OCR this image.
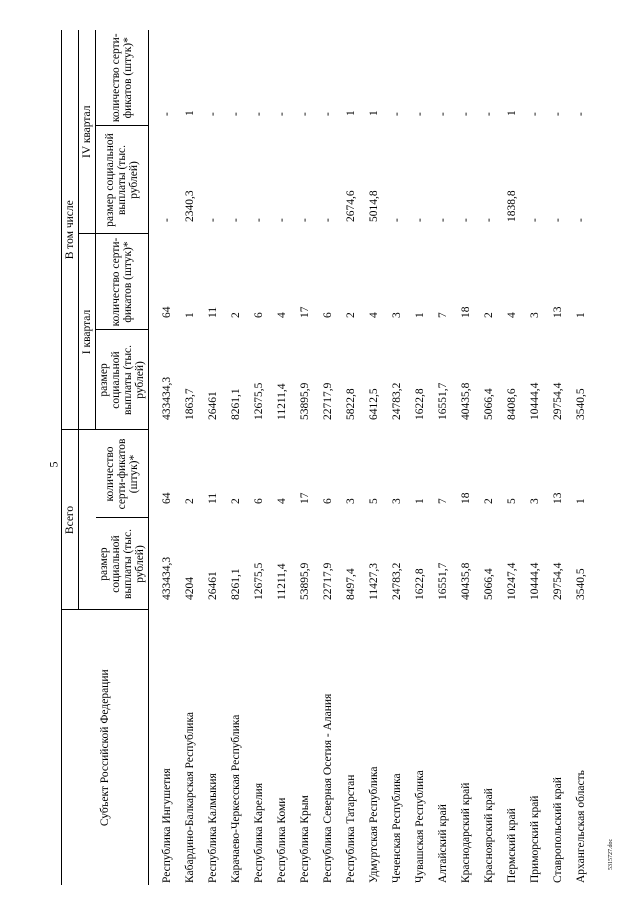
5
5315727.doc
Субъект Российской Федерации	Всего		В том числе			
			I квартал		IV квартал	
	размер социальной выплаты (тыс. рублей)	количество серти-фикатов (штук)*	размер социальной выплаты (тыс. рублей)	количество серти-фикатов (штук)*	размер социальной выплаты (тыс. рублей)	количество серти-фикатов (штук)*
Республика Ингушетия	433434,3	64	433434,3	64	-	-
Кабардино-Балкарская Республика	4204	2	1863,7	1	2340,3	1
Республика Калмыкия	26461	11	26461	11	-	-
Карачаево-Черкесская Республика	8261,1	2	8261,1	2	-	-
Республика Карелия	12675,5	6	12675,5	6	-	-
Республика Коми	11211,4	4	11211,4	4	-	-
Республика Крым	53895,9	17	53895,9	17	-	-
Республика Северная Осетия - Алания	22717,9	6	22717,9	6	-	-
Республика Татарстан	8497,4	3	5822,8	2	2674,6	1
Удмуртская Республика	11427,3	5	6412,5	4	5014,8	1
Чеченская Республика	24783,2	3	24783,2	3	-	-
Чувашская Республика	1622,8	1	1622,8	1	-	-
Алтайский край	16551,7	7	16551,7	7	-	-
Краснодарский край	40435,8	18	40435,8	18	-	-
Красноярский край	5066,4	2	5066,4	2	-	-
Пермский край	10247,4	5	8408,6	4	1838,8	1
Приморский край	10444,4	3	10444,4	3	-	-
Ставропольский край	29754,4	13	29754,4	13	-	-
Архангельская область	3540,5	1	3540,5	1	-	-
